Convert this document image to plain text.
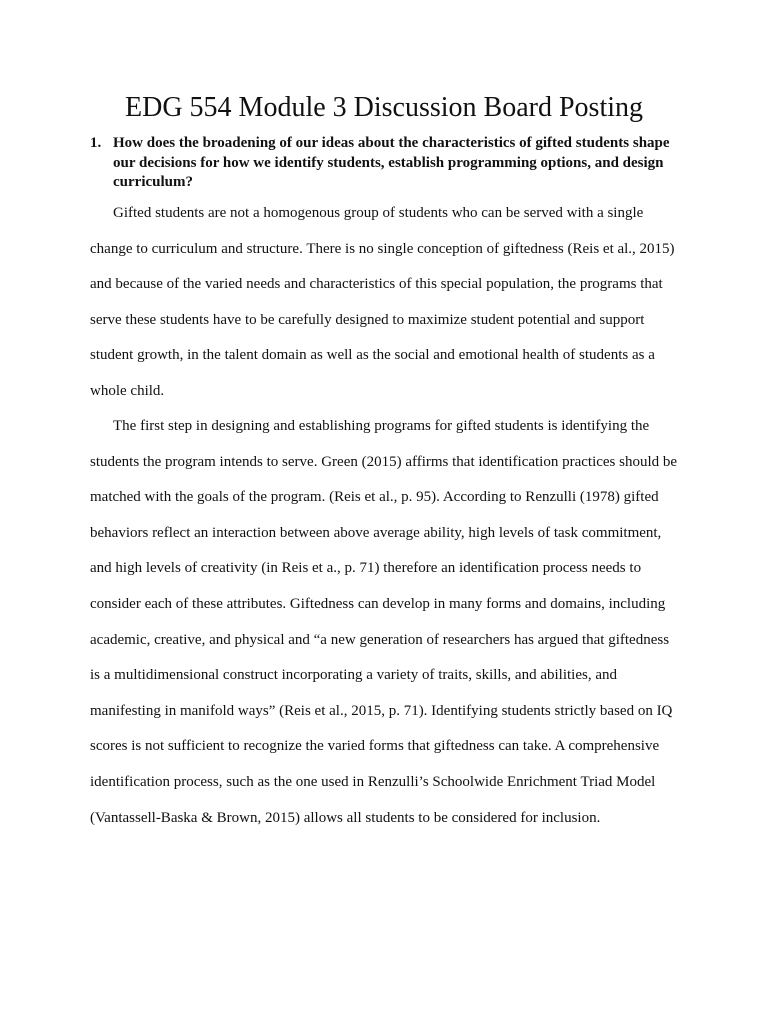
EDG 554 Module 3 Discussion Board Posting
1. How does the broadening of our ideas about the characteristics of gifted students shape our decisions for how we identify students, establish programming options, and design curriculum?

Gifted students are not a homogenous group of students who can be served with a single change to curriculum and structure. There is no single conception of giftedness (Reis et al., 2015) and because of the varied needs and characteristics of this special population, the programs that serve these students have to be carefully designed to maximize student potential and support student growth, in the talent domain as well as the social and emotional health of students as a whole child.

The first step in designing and establishing programs for gifted students is identifying the students the program intends to serve. Green (2015) affirms that identification practices should be matched with the goals of the program. (Reis et al., p. 95). According to Renzulli (1978) gifted behaviors reflect an interaction between above average ability, high levels of task commitment, and high levels of creativity (in Reis et a., p. 71) therefore an identification process needs to consider each of these attributes. Giftedness can develop in many forms and domains, including academic, creative, and physical and “a new generation of researchers has argued that giftedness is a multidimensional construct incorporating a variety of traits, skills, and abilities, and manifesting in manifold ways” (Reis et al., 2015, p. 71). Identifying students strictly based on IQ scores is not sufficient to recognize the varied forms that giftedness can take. A comprehensive identification process, such as the one used in Renzulli’s Schoolwide Enrichment Triad Model (Vantassell-Baska & Brown, 2015) allows all students to be considered for inclusion.
